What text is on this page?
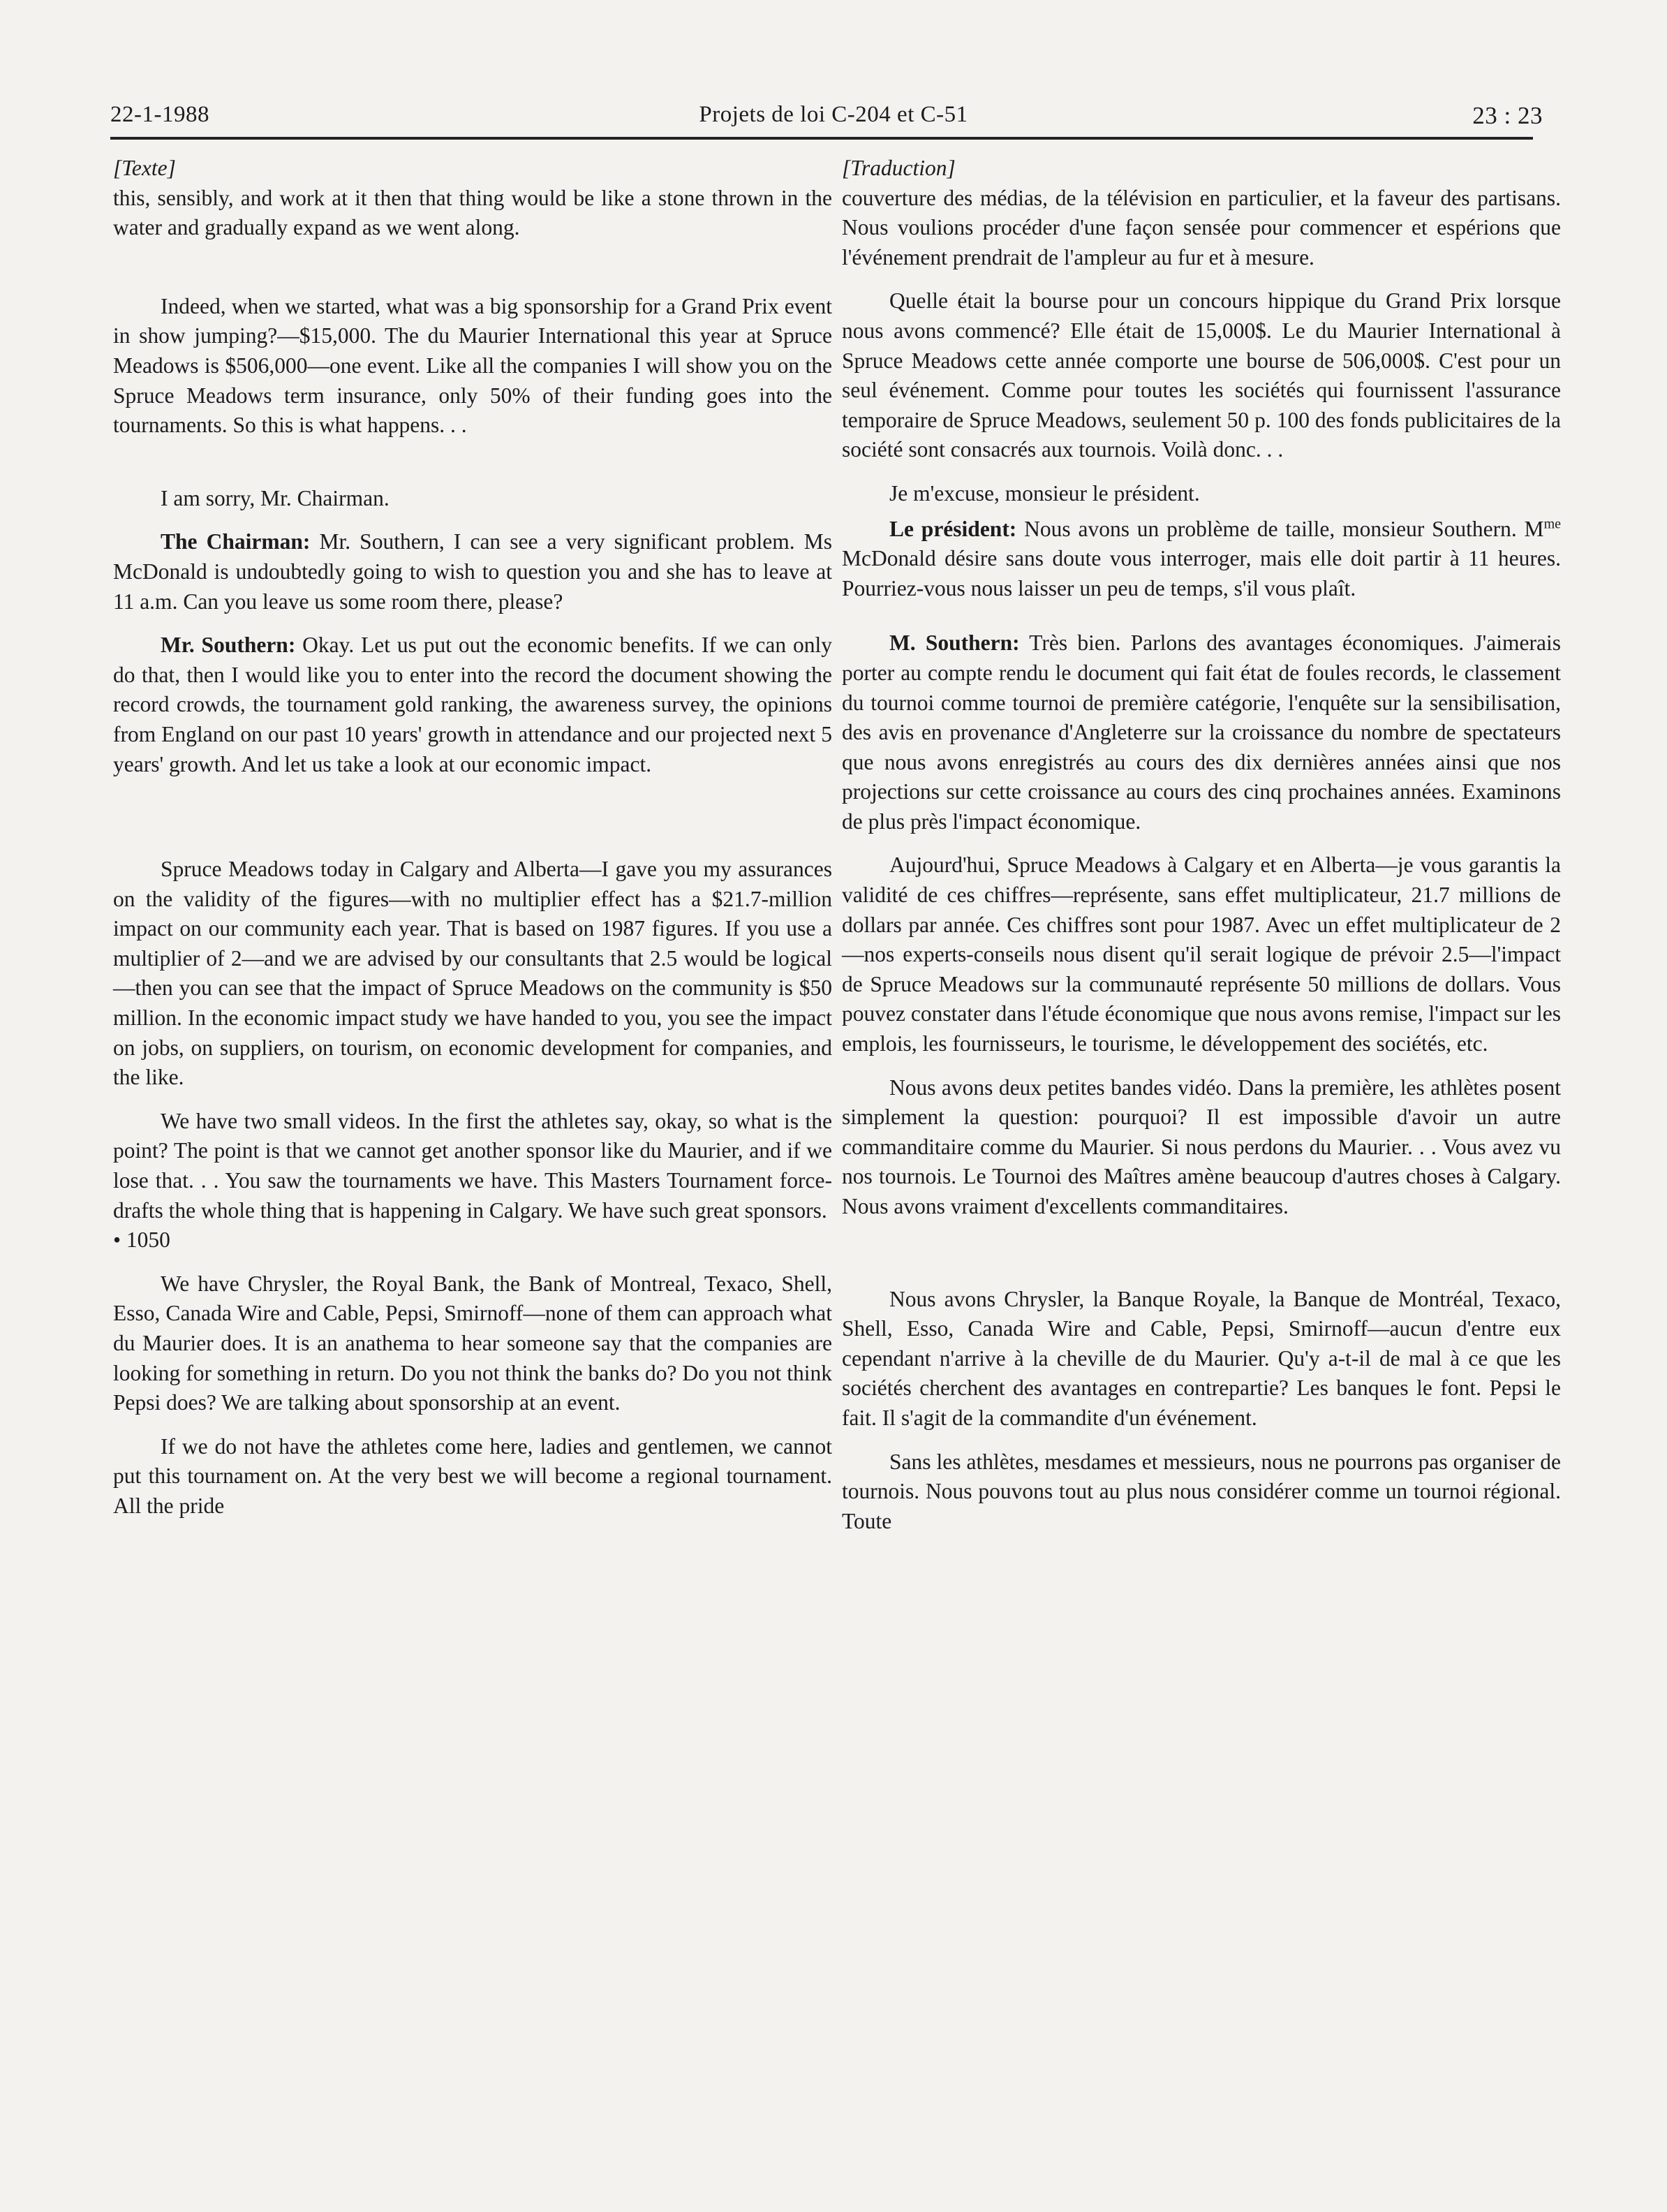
22-1-1988	Projets de loi C-204 et C-51	23 : 23

[Texte]

this, sensibly, and work at it then that thing would be like a stone thrown in the water and gradually expand as we went along.

Indeed, when we started, what was a big sponsorship for a Grand Prix event in show jumping?—$15,000. The du Maurier International this year at Spruce Meadows is $506,000—one event. Like all the companies I will show you on the Spruce Meadows term insurance, only 50% of their funding goes into the tournaments. So this is what happens. . .

I am sorry, Mr. Chairman.

The Chairman: Mr. Southern, I can see a very significant problem. Ms McDonald is undoubtedly going to wish to question you and she has to leave at 11 a.m. Can you leave us some room there, please?

Mr. Southern: Okay. Let us put out the economic benefits. If we can only do that, then I would like you to enter into the record the document showing the record crowds, the tournament gold ranking, the awareness survey, the opinions from England on our past 10 years' growth in attendance and our projected next 5 years' growth. And let us take a look at our economic impact.

Spruce Meadows today in Calgary and Alberta—I gave you my assurances on the validity of the figures—with no multiplier effect has a $21.7-million impact on our community each year. That is based on 1987 figures. If you use a multiplier of 2—and we are advised by our consultants that 2.5 would be logical—then you can see that the impact of Spruce Meadows on the community is $50 million. In the economic impact study we have handed to you, you see the impact on jobs, on suppliers, on tourism, on economic development for companies, and the like.

We have two small videos. In the first the athletes say, okay, so what is the point? The point is that we cannot get another sponsor like du Maurier, and if we lose that. . . You saw the tournaments we have. This Masters Tournament force-drafts the whole thing that is happening in Calgary. We have such great sponsors.

• 1050

We have Chrysler, the Royal Bank, the Bank of Montreal, Texaco, Shell, Esso, Canada Wire and Cable, Pepsi, Smirnoff—none of them can approach what du Maurier does. It is an anathema to hear someone say that the companies are looking for something in return. Do you not think the banks do? Do you not think Pepsi does? We are talking about sponsorship at an event.

If we do not have the athletes come here, ladies and gentlemen, we cannot put this tournament on. At the very best we will become a regional tournament. All the pride

[Traduction]

couverture des médias, de la télévision en particulier, et la faveur des partisans. Nous voulions procéder d'une façon sensée pour commencer et espérions que l'événement prendrait de l'ampleur au fur et à mesure.

Quelle était la bourse pour un concours hippique du Grand Prix lorsque nous avons commencé? Elle était de 15,000$. Le du Maurier International à Spruce Meadows cette année comporte une bourse de 506,000$. C'est pour un seul événement. Comme pour toutes les sociétés qui fournissent l'assurance temporaire de Spruce Meadows, seulement 50 p. 100 des fonds publicitaires de la société sont consacrés aux tournois. Voilà donc. . .

Je m'excuse, monsieur le président.

Le président: Nous avons un problème de taille, monsieur Southern. $M^{me}$ McDonald désire sans doute vous interroger, mais elle doit partir à 11 heures. Pourriez-vous nous laisser un peu de temps, s'il vous plaît.

M. Southern: Très bien. Parlons des avantages économiques. J'aimerais porter au compte rendu le document qui fait état de foules records, le classement du tournoi comme tournoi de première catégorie, l'enquête sur la sensibilisation, des avis en provenance d'Angleterre sur la croissance du nombre de spectateurs que nous avons enregistrés au cours des dix dernières années ainsi que nos projections sur cette croissance au cours des cinq prochaines années. Examinons de plus près l'impact économique.

Aujourd'hui, Spruce Meadows à Calgary et en Alberta—je vous garantis la validité de ces chiffres—représente, sans effet multiplicateur, 21.7 millions de dollars par année. Ces chiffres sont pour 1987. Avec un effet multiplicateur de 2—nos experts-conseils nous disent qu'il serait logique de prévoir 2.5—l'impact de Spruce Meadows sur la communauté représente 50 millions de dollars. Vous pouvez constater dans l'étude économique que nous avons remise, l'impact sur les emplois, les fournisseurs, le tourisme, le développement des sociétés, etc.

Nous avons deux petites bandes vidéo. Dans la première, les athlètes posent simplement la question: pourquoi? Il est impossible d'avoir un autre commanditaire comme du Maurier. Si nous perdons du Maurier. . . Vous avez vu nos tournois. Le Tournoi des Maîtres amène beaucoup d'autres choses à Calgary. Nous avons vraiment d'excellents commanditaires.

Nous avons Chrysler, la Banque Royale, la Banque de Montréal, Texaco, Shell, Esso, Canada Wire and Cable, Pepsi, Smirnoff—aucun d'entre eux cependant n'arrive à la cheville de du Maurier. Qu'y a-t-il de mal à ce que les sociétés cherchent des avantages en contrepartie? Les banques le font. Pepsi le fait. Il s'agit de la commandite d'un événement.

Sans les athlètes, mesdames et messieurs, nous ne pourrons pas organiser de tournois. Nous pouvons tout au plus nous considérer comme un tournoi régional. Toute
